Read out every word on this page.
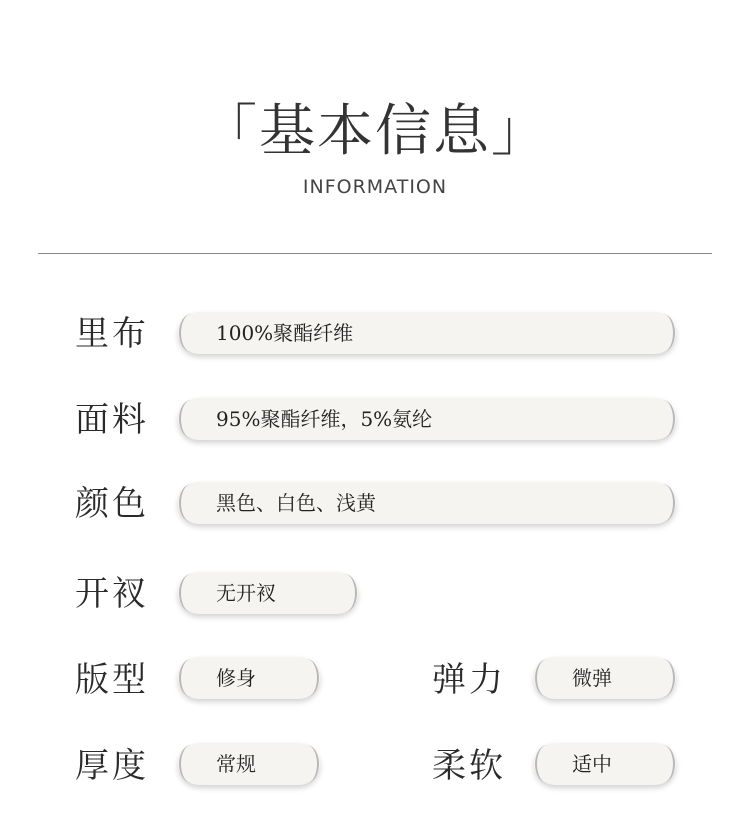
「基本信息」
INFORMATION
里布	100%聚酯纤维
面料	95%聚酯纤维，5%氨纶
颜色	黑色、白色、浅黄
开衩	无开衩
版型	修身	弹力	微弹
厚度	常规	柔软	适中
